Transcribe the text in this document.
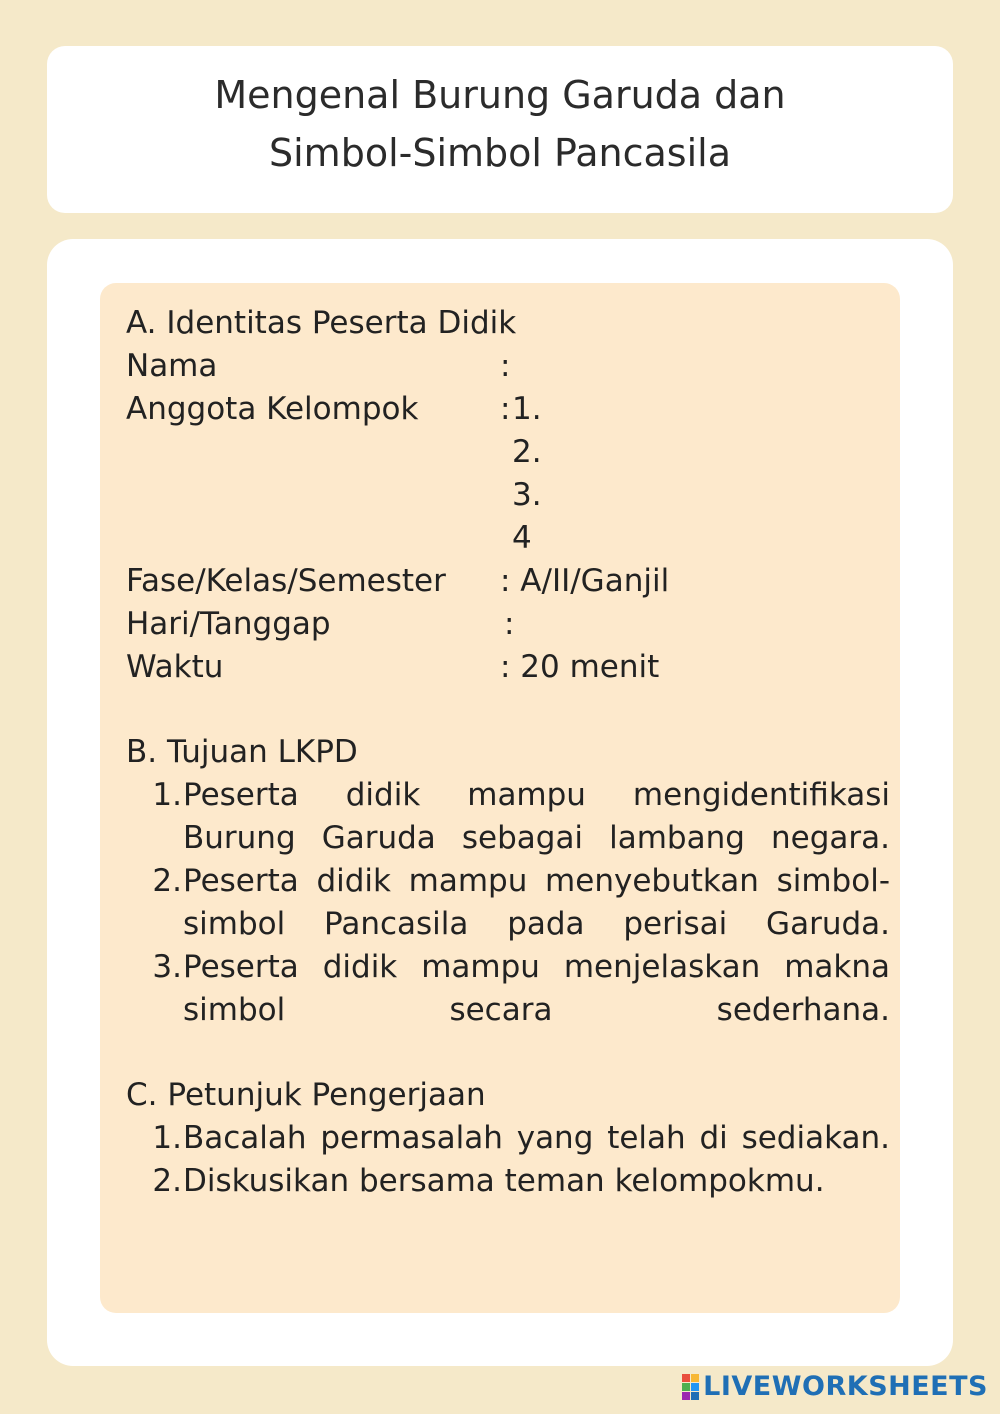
Mengenal Burung Garuda dan
Simbol-Simbol Pancasila
A. Identitas Peserta Didik
Nama	:
Anggota Kelompok	: 1.
2.
3.
4
Fase/Kelas/Semester : A/II/Ganjil
Hari/Tanggap	:
Waktu	: 20 menit
B. Tujuan LKPD
1. Peserta didik mampu mengidentifikasi Burung Garuda sebagai lambang negara.
2. Peserta didik mampu menyebutkan simbol-simbol Pancasila pada perisai Garuda.
3. Peserta didik mampu menjelaskan makna simbol secara sederhana.
C. Petunjuk Pengerjaan
1. Bacalah permasalah yang telah di sediakan.
2. Diskusikan bersama teman kelompokmu.
LIVEWORKSHEETS
